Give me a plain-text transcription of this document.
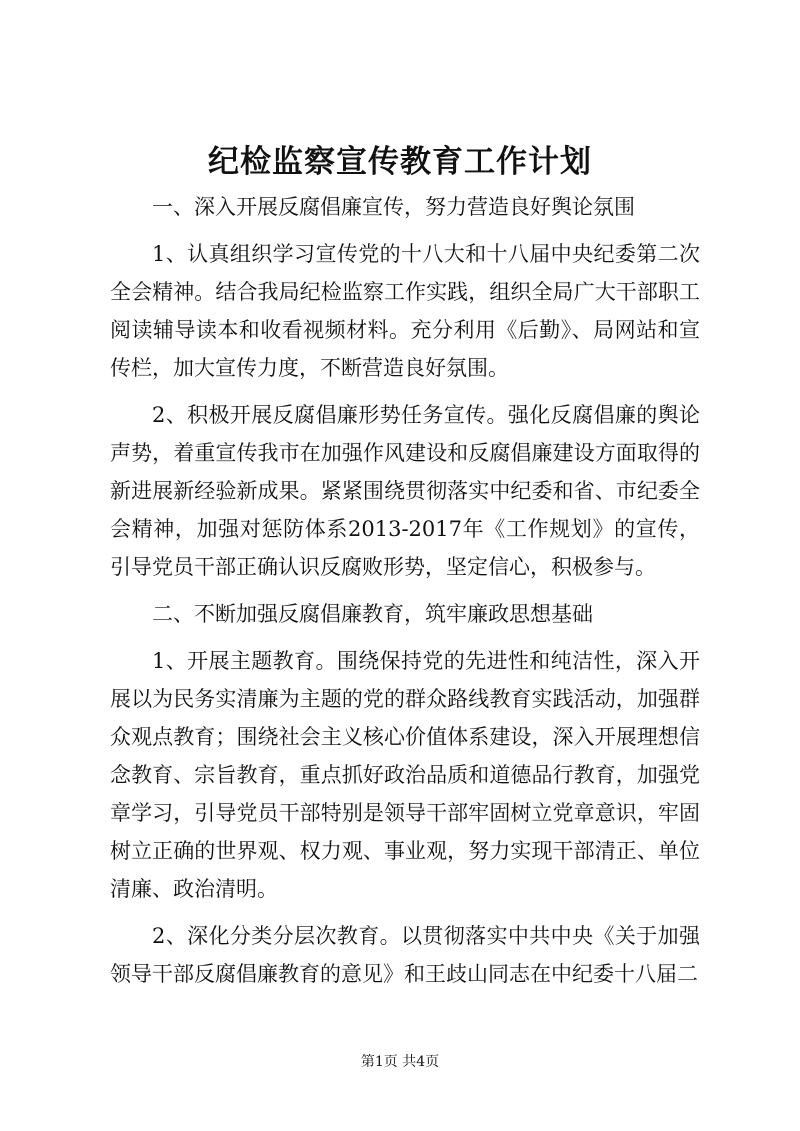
纪检监察宣传教育工作计划

一、深入开展反腐倡廉宣传，努力营造良好舆论氛围

1、认真组织学习宣传党的十八大和十八届中央纪委第二次全会精神。结合我局纪检监察工作实践，组织全局广大干部职工阅读辅导读本和收看视频材料。充分利用《后勤》、局网站和宣传栏，加大宣传力度，不断营造良好氛围。

2、积极开展反腐倡廉形势任务宣传。强化反腐倡廉的舆论声势，着重宣传我市在加强作风建设和反腐倡廉建设方面取得的新进展新经验新成果。紧紧围绕贯彻落实中纪委和省、市纪委全会精神，加强对惩防体系2013-2017年《工作规划》的宣传，引导党员干部正确认识反腐败形势，坚定信心，积极参与。

二、不断加强反腐倡廉教育，筑牢廉政思想基础

1、开展主题教育。围绕保持党的先进性和纯洁性，深入开展以为民务实清廉为主题的党的群众路线教育实践活动，加强群众观点教育；围绕社会主义核心价值体系建设，深入开展理想信念教育、宗旨教育，重点抓好政治品质和道德品行教育，加强党章学习，引导党员干部特别是领导干部牢固树立党章意识，牢固树立正确的世界观、权力观、事业观，努力实现干部清正、单位清廉、政治清明。

2、深化分类分层次教育。以贯彻落实中共中央《关于加强领导干部反腐倡廉教育的意见》和王歧山同志在中纪委十八届二

第1页 共4页
